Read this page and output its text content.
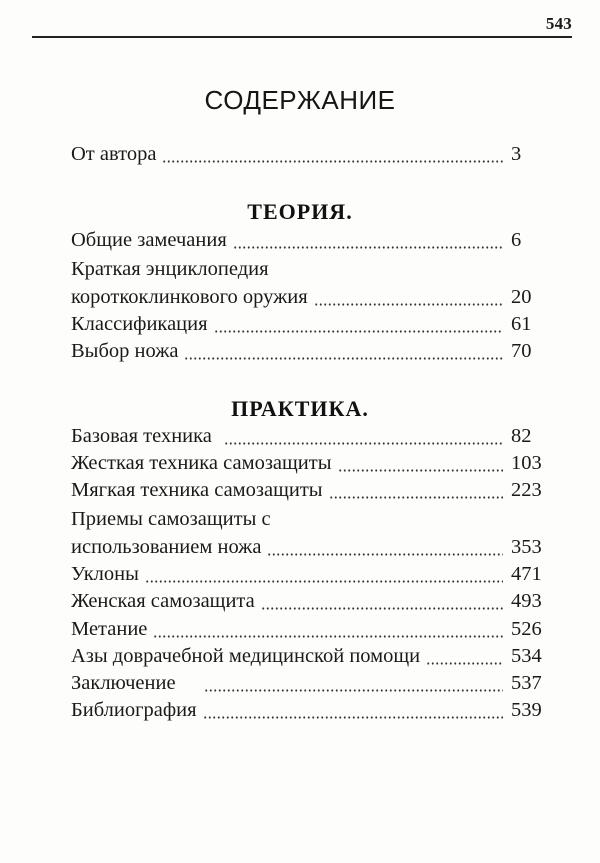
543
СОДЕРЖАНИЕ
От автора	3
ТЕОРИЯ.
Общие замечания	6
Краткая энциклопедия
короткоклинкового оружия	20
Классификация	61
Выбор ножа	70
ПРАКТИКА.
Базовая техника	82
Жесткая техника самозащиты	103
Мягкая техника самозащиты	223
Приемы самозащиты с
использованием ножа	353
Уклоны	471
Женская самозащита	493
Метание	526
Азы доврачебной медицинской помощи	534
Заключение	537
Библиография	539
